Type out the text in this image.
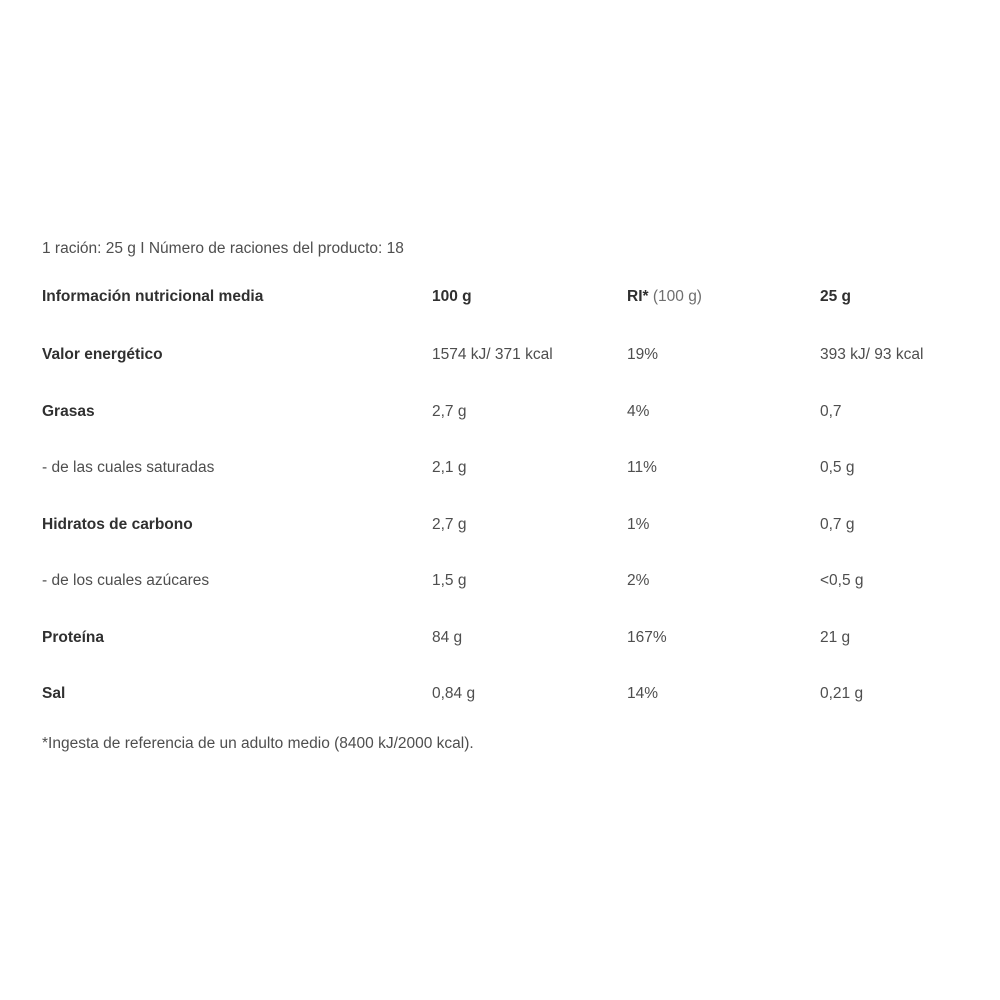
1 ración: 25 g I Número de raciones del producto: 18
Información nutricional media	100 g	RI* (100 g)	25 g
Valor energético	1574 kJ/ 371 kcal	19%	393 kJ/ 93 kcal
Grasas	2,7 g	4%	0,7
- de las cuales saturadas	2,1 g	11%	0,5 g
Hidratos de carbono	2,7 g	1%	0,7 g
- de los cuales azúcares	1,5 g	2%	<0,5 g
Proteína	84 g	167%	21 g
Sal	0,84 g	14%	0,21 g
*Ingesta de referencia de un adulto medio (8400 kJ/2000 kcal).
